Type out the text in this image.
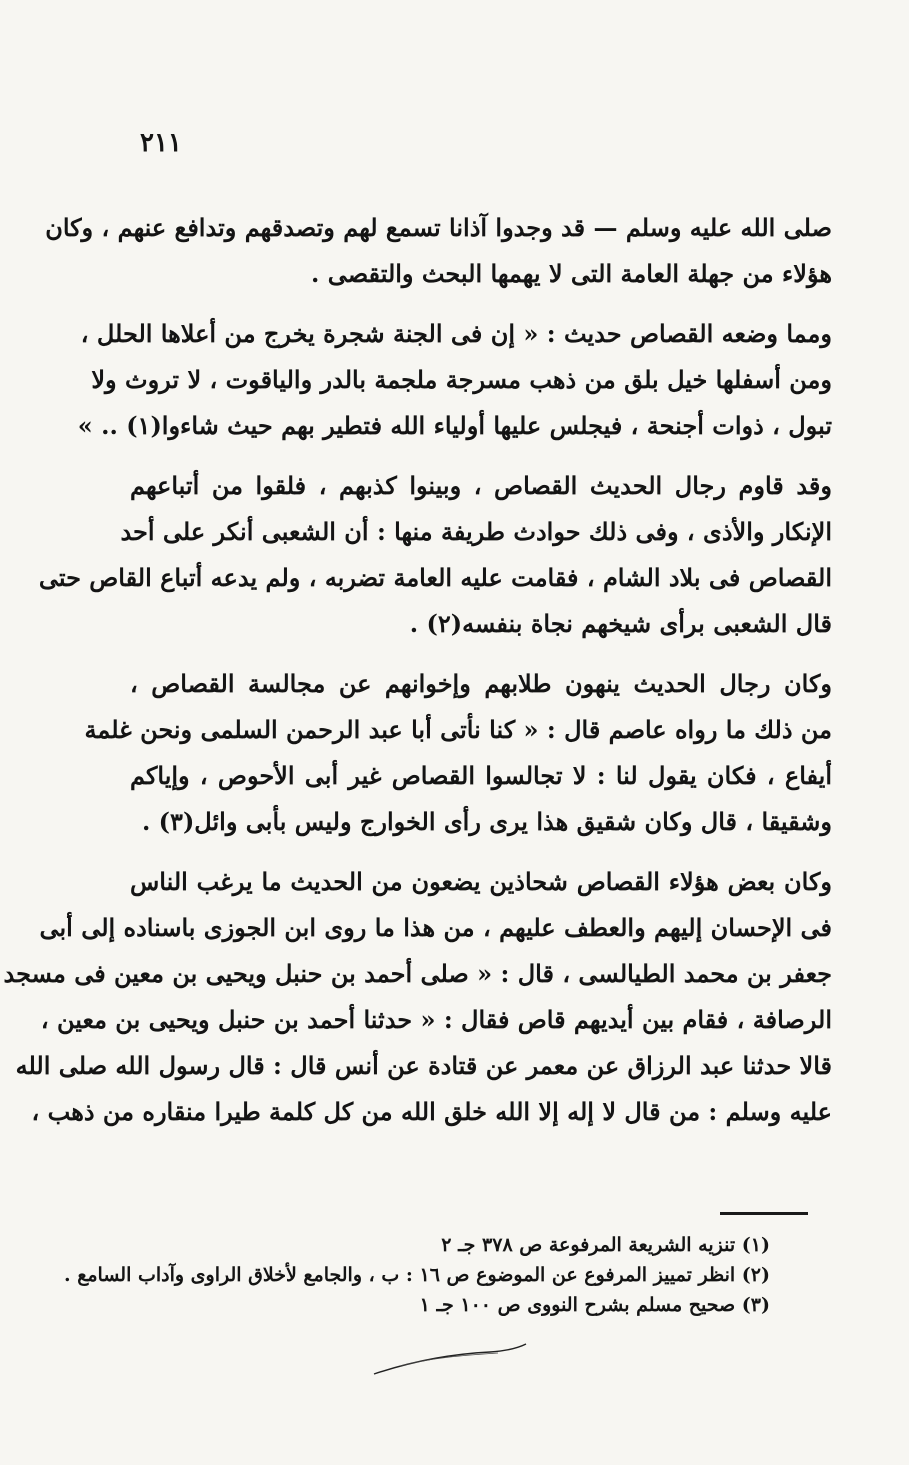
٢١١

صلى الله عليه وسلم — قد وجدوا آذانا تسمع لهم وتصدقهم وتدافع عنهم ، وكان
هؤلاء من جهلة العامة التى لا يهمها البحث والتقصى .

ومما وضعه القصاص حديث : « إن فى الجنة شجرة يخرج من أعلاها الحلل ،
ومن أسفلها خيل بلق من ذهب مسرجة ملجمة بالدر والياقوت ، لا تروث ولا
تبول ، ذوات أجنحة ، فيجلس عليها أولياء الله فتطير بهم حيث شاءوا(١) .. »

وقد قاوم رجال الحديث القصاص ، وبينوا كذبهم ، فلقوا من أتباعهم
الإنكار والأذى ، وفى ذلك حوادث طريفة منها : أن الشعبى أنكر على أحد
القصاص فى بلاد الشام ، فقامت عليه العامة تضربه ، ولم يدعه أتباع القاص حتى
قال الشعبى برأى شيخهم نجاة بنفسه(٢) .

وكان رجال الحديث ينهون طلابهم وإخوانهم عن مجالسة القصاص ،
من ذلك ما رواه عاصم قال : « كنا نأتى أبا عبد الرحمن السلمى ونحن غلمة
أيفاع ، فكان يقول لنا : لا تجالسوا القصاص غير أبى الأحوص ، وإياكم
وشقيقا ، قال وكان شقيق هذا يرى رأى الخوارج وليس بأبى وائل(٣) .

وكان بعض هؤلاء القصاص شحاذين يضعون من الحديث ما يرغب الناس
فى الإحسان إليهم والعطف عليهم ، من هذا ما روى ابن الجوزى باسناده إلى أبى
جعفر بن محمد الطيالسى ، قال : « صلى أحمد بن حنبل ويحيى بن معين فى مسجد
الرصافة ، فقام بين أيديهم قاص فقال : « حدثنا أحمد بن حنبل ويحيى بن معين ،
قالا حدثنا عبد الرزاق عن معمر عن قتادة عن أنس قال : قال رسول الله صلى الله
عليه وسلم : من قال لا إله إلا الله خلق الله من كل كلمة طيرا منقاره من ذهب ،

(١) تنزيه الشريعة المرفوعة ص ٣٧٨ جـ ٢
(٢) انظر تمييز المرفوع عن الموضوع ص ١٦ : ب ، والجامع لأخلاق الراوى وآداب السامع .
(٣) صحيح مسلم بشرح النووى ص ١٠٠ جـ ١
